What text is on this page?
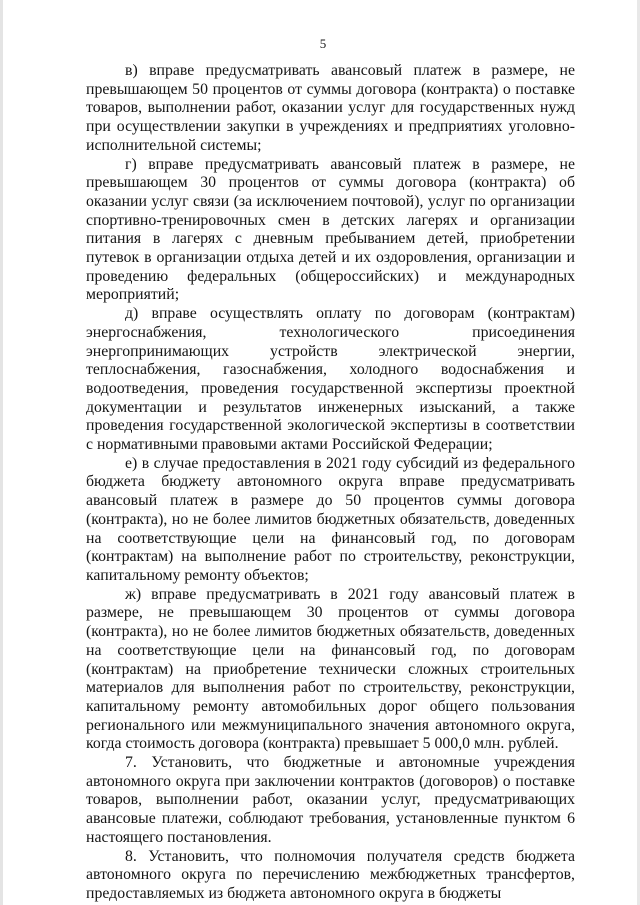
5

в) вправе предусматривать авансовый платеж в размере, не превышающем 50 процентов от суммы договора (контракта) о поставке товаров, выполнении работ, оказании услуг для государственных нужд при осуществлении закупки в учреждениях и предприятиях уголовно-исполнительной системы;

г) вправе предусматривать авансовый платеж в размере, не превышающем 30 процентов от суммы договора (контракта) об оказании услуг связи (за исключением почтовой), услуг по организации спортивно-тренировочных смен в детских лагерях и организации питания в лагерях с дневным пребыванием детей, приобретении путевок в организации отдыха детей и их оздоровления, организации и проведению федеральных (общероссийских) и международных мероприятий;

д) вправе осуществлять оплату по договорам (контрактам) энергоснабжения, технологического присоединения энергопринимающих устройств электрической энергии, теплоснабжения, газоснабжения, холодного водоснабжения и водоотведения, проведения государственной экспертизы проектной документации и результатов инженерных изысканий, а также проведения государственной экологической экспертизы в соответствии с нормативными правовыми актами Российской Федерации;

е) в случае предоставления в 2021 году субсидий из федерального бюджета бюджету автономного округа вправе предусматривать авансовый платеж в размере до 50 процентов суммы договора (контракта), но не более лимитов бюджетных обязательств, доведенных на соответствующие цели на финансовый год, по договорам (контрактам) на выполнение работ по строительству, реконструкции, капитальному ремонту объектов;

ж) вправе предусматривать в 2021 году авансовый платеж в размере, не превышающем 30 процентов от суммы договора (контракта), но не более лимитов бюджетных обязательств, доведенных на соответствующие цели на финансовый год, по договорам (контрактам) на приобретение технически сложных строительных материалов для выполнения работ по строительству, реконструкции, капитальному ремонту автомобильных дорог общего пользования регионального или межмуниципального значения автономного округа, когда стоимость договора (контракта) превышает 5 000,0 млн. рублей.

7. Установить, что бюджетные и автономные учреждения автономного округа при заключении контрактов (договоров) о поставке товаров, выполнении работ, оказании услуг, предусматривающих авансовые платежи, соблюдают требования, установленные пунктом 6 настоящего постановления.

8. Установить, что полномочия получателя средств бюджета автономного округа по перечислению межбюджетных трансфертов, предоставляемых из бюджета автономного округа в бюджеты
